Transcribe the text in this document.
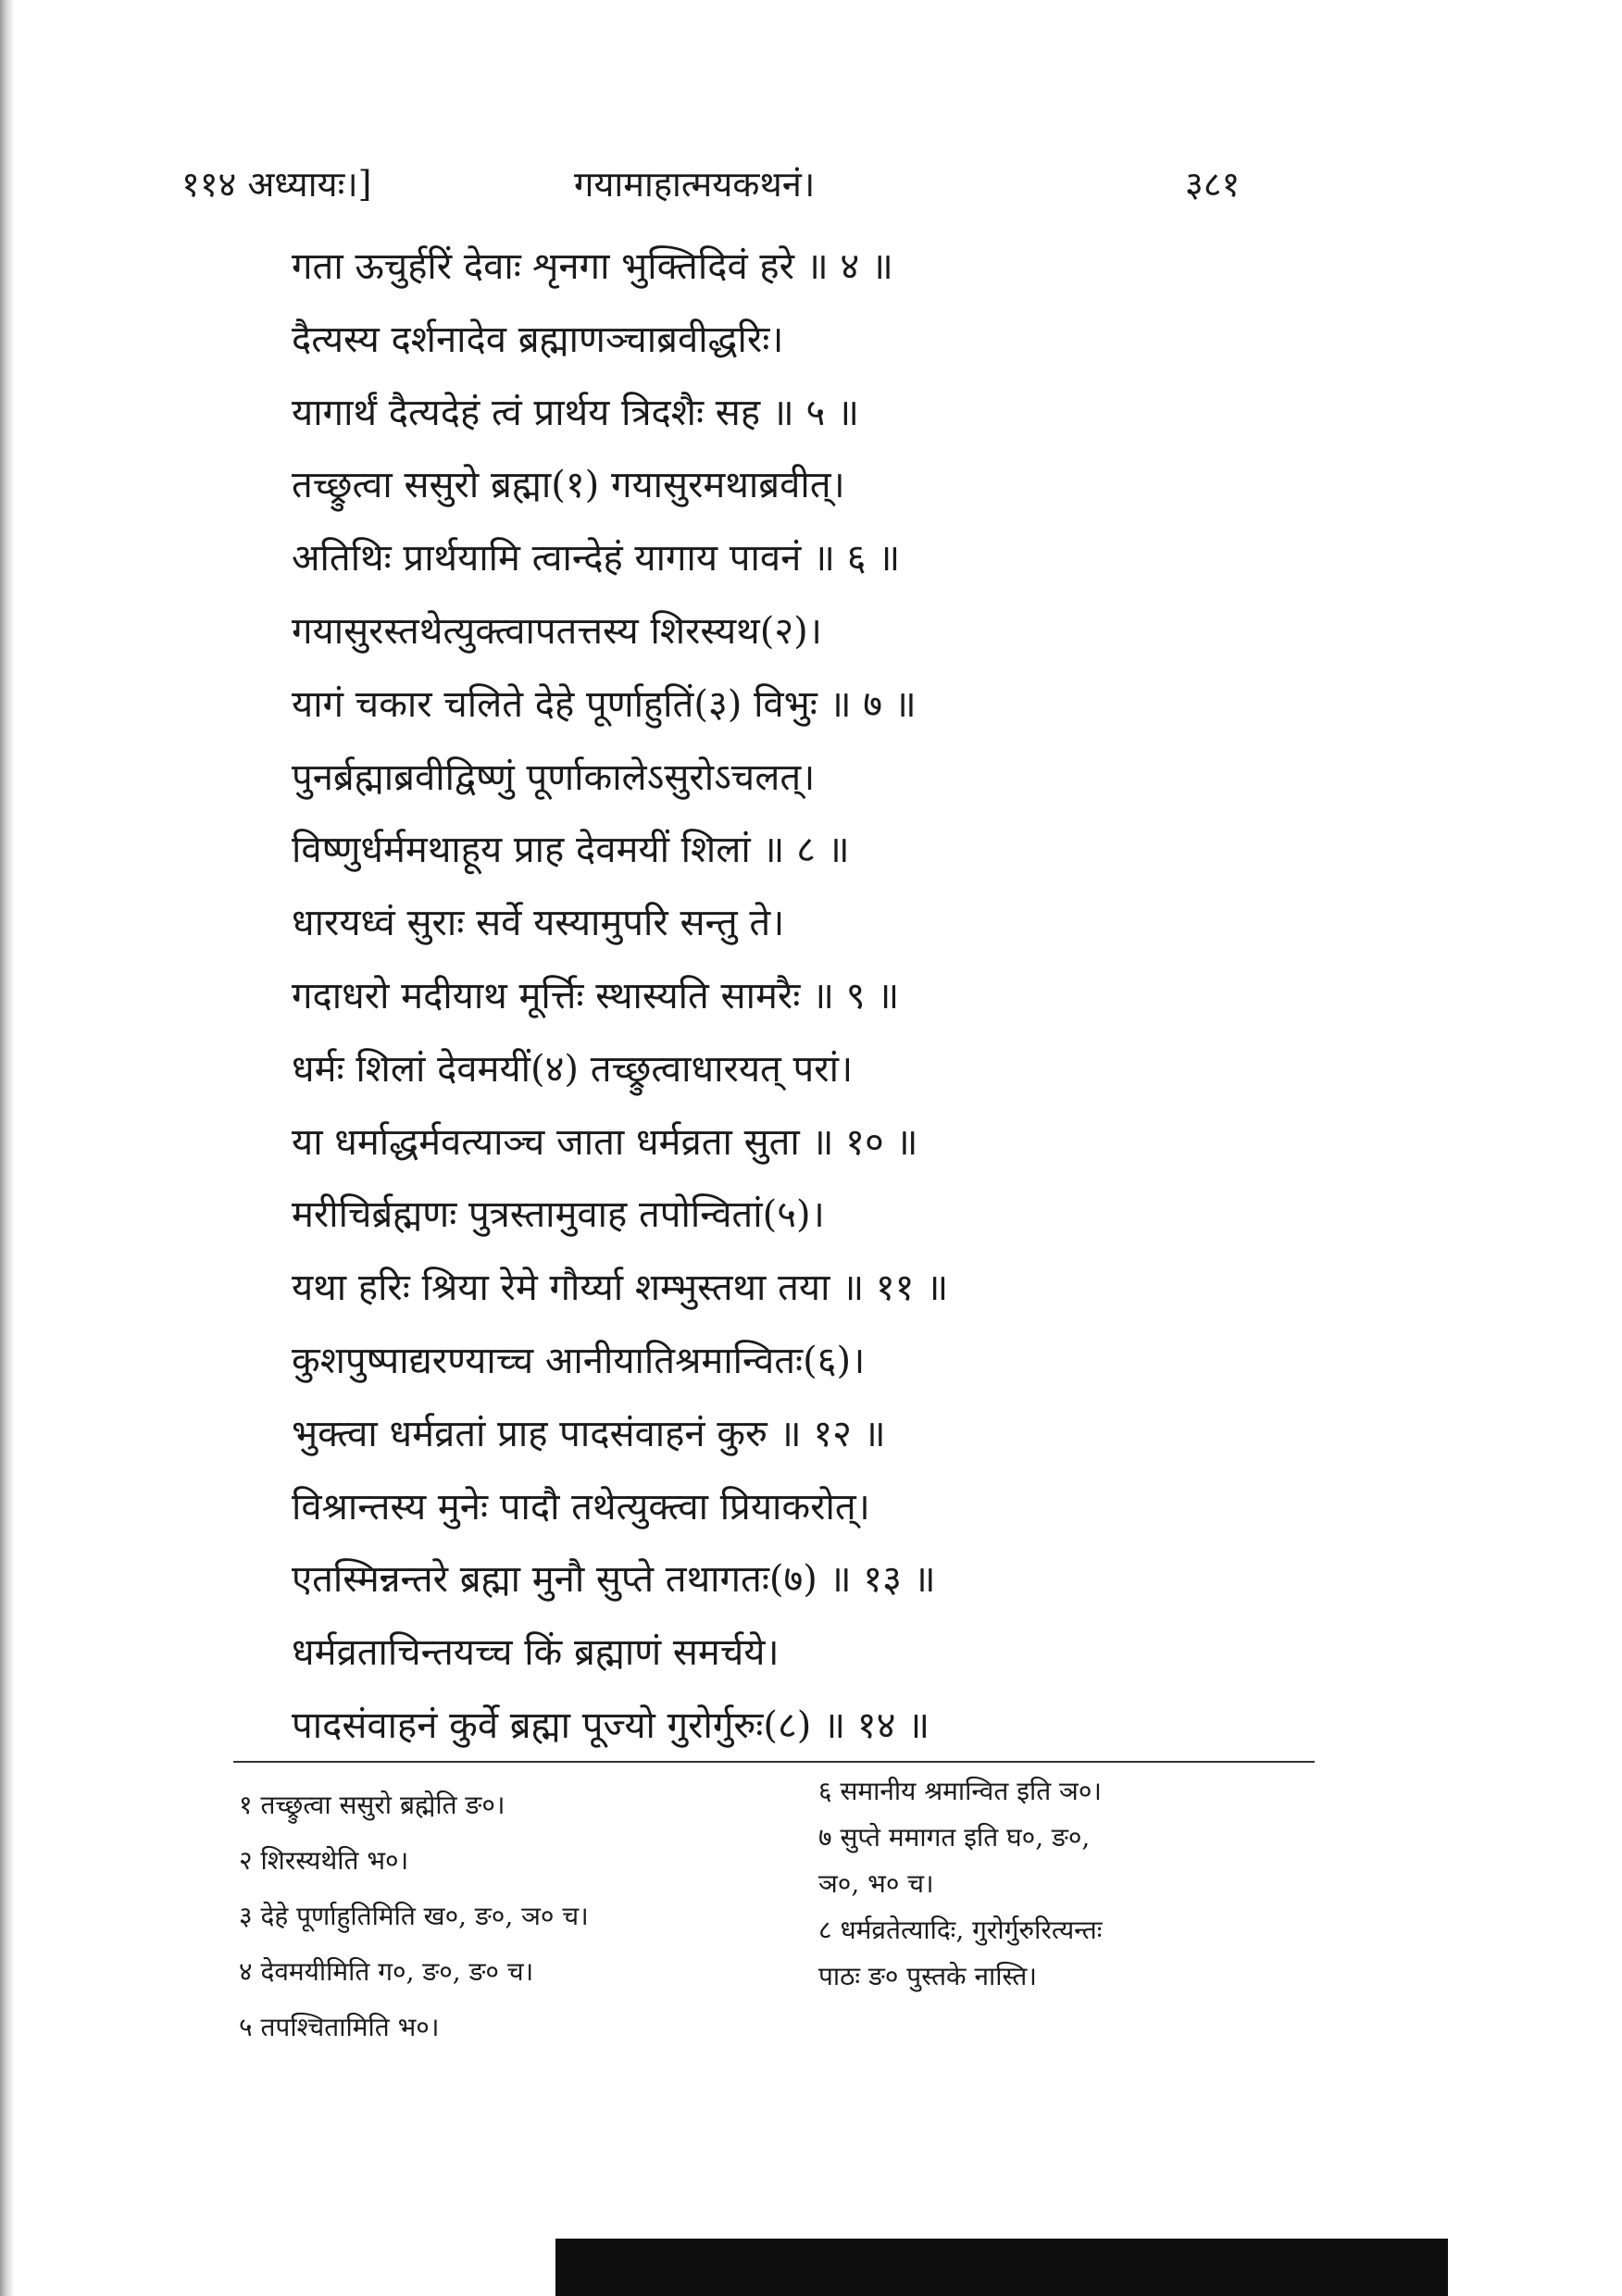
११४ अध्यायः।]	गयामाहात्मयकथनं।	३८१
गता ऊचुर्हरिं देवाः शृनगा भुक्तिदिवं हरे ॥ ४ ॥
दैत्यस्य दर्शनादेव ब्रह्माणञ्चाब्रवीद्धरिः।
यागार्थं दैत्यदेहं त्वं प्रार्थय त्रिदशैः सह ॥ ५ ॥
तच्छ्रुत्वा ससुरो ब्रह्मा(१) गयासुरमथाब्रवीत्।
अतिथिः प्रार्थयामि त्वान्देहं यागाय पावनं ॥ ६ ॥
गयासुरस्तथेत्युक्त्वापतत्तस्य शिरस्यथ(२)।
यागं चकार चलिते देहे पूर्णाहुतिं(३) विभुः ॥ ७ ॥
पुनर्ब्रह्माब्रवीद्विष्णुं पूर्णाकालेऽसुरोऽचलत्।
विष्णुर्धर्ममथाहूय प्राह देवमयीं शिलां ॥ ८ ॥
धारयध्वं सुराः सर्वे यस्यामुपरि सन्तु ते।
गदाधरो मदीयाथ मूर्त्तिः स्थास्यति सामरैः ॥ ९ ॥
धर्मः शिलां देवमयीं(४) तच्छ्रुत्वाधारयत् परां।
या धर्माद्धर्मवत्याञ्च जाता धर्मव्रता सुता ॥ १० ॥
मरीचिर्ब्रह्मणः पुत्रस्तामुवाह तपोन्वितां(५)।
यथा हरिः श्रिया रेमे गौर्य्या शम्भुस्तथा तया ॥ ११ ॥
कुशपुष्पाद्यरण्याच्च आनीयातिश्रमान्वितः(६)।
भुक्त्वा धर्मव्रतां प्राह पादसंवाहनं कुरु ॥ १२ ॥
विश्रान्तस्य मुनेः पादौ तथेत्युक्त्वा प्रियाकरोत्।
एतस्मिन्नन्तरे ब्रह्मा मुनौ सुप्ते तथागतः(७) ॥ १३ ॥
धर्मव्रताचिन्तयच्च किं ब्रह्माणं समर्चये।
पादसंवाहनं कुर्वे ब्रह्मा पूज्यो गुरोर्गुरुः(८) ॥ १४ ॥
१ तच्छ्रुत्वा ससुरो ब्रह्मेति ङ०।
२ शिरस्यथेति भ०।
३ देहे पूर्णाहुतिमिति ख०, ङ०, ञ० च।
४ देवमयीमिति ग०, ङ०, ङ० च।
५ तपश्चितामिति भ०।
६ समानीय श्रमान्वित इति ञ०।
७ सुप्ते ममागत इति घ०, ङ०,
ञ०, भ० च।
८ धर्मव्रतेत्यादिः, गुरोर्गुरुरित्यन्तः
पाठः ङ० पुस्तके नास्ति।
